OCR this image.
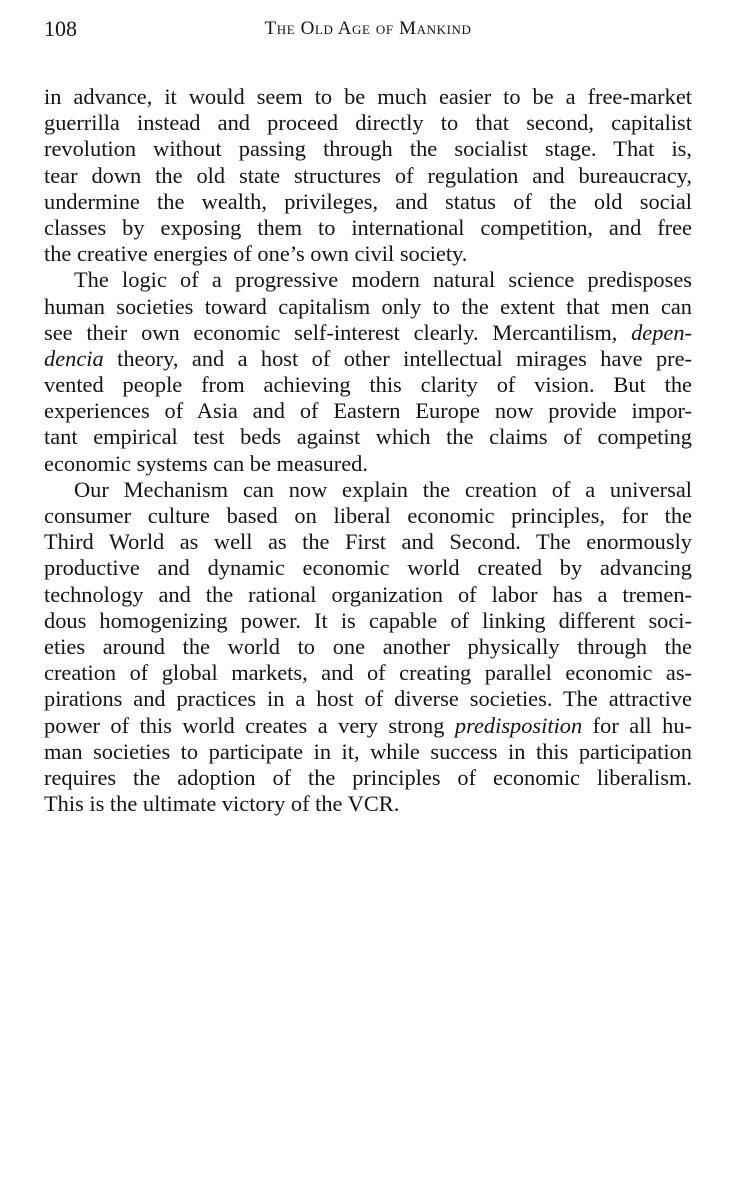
108	The Old Age of Mankind
in advance, it would seem to be much easier to be a free-market
guerrilla instead and proceed directly to that second, capitalist
revolution without passing through the socialist stage. That is,
tear down the old state structures of regulation and bureaucracy,
undermine the wealth, privileges, and status of the old social
classes by exposing them to international competition, and free
the creative energies of one’s own civil society.
The logic of a progressive modern natural science predisposes
human societies toward capitalism only to the extent that men can
see their own economic self-interest clearly. Mercantilism, depen-
dencia theory, and a host of other intellectual mirages have pre-
vented people from achieving this clarity of vision. But the
experiences of Asia and of Eastern Europe now provide impor-
tant empirical test beds against which the claims of competing
economic systems can be measured.
Our Mechanism can now explain the creation of a universal
consumer culture based on liberal economic principles, for the
Third World as well as the First and Second. The enormously
productive and dynamic economic world created by advancing
technology and the rational organization of labor has a tremen-
dous homogenizing power. It is capable of linking different soci-
eties around the world to one another physically through the
creation of global markets, and of creating parallel economic as-
pirations and practices in a host of diverse societies. The attractive
power of this world creates a very strong predisposition for all hu-
man societies to participate in it, while success in this participation
requires the adoption of the principles of economic liberalism.
This is the ultimate victory of the VCR.
